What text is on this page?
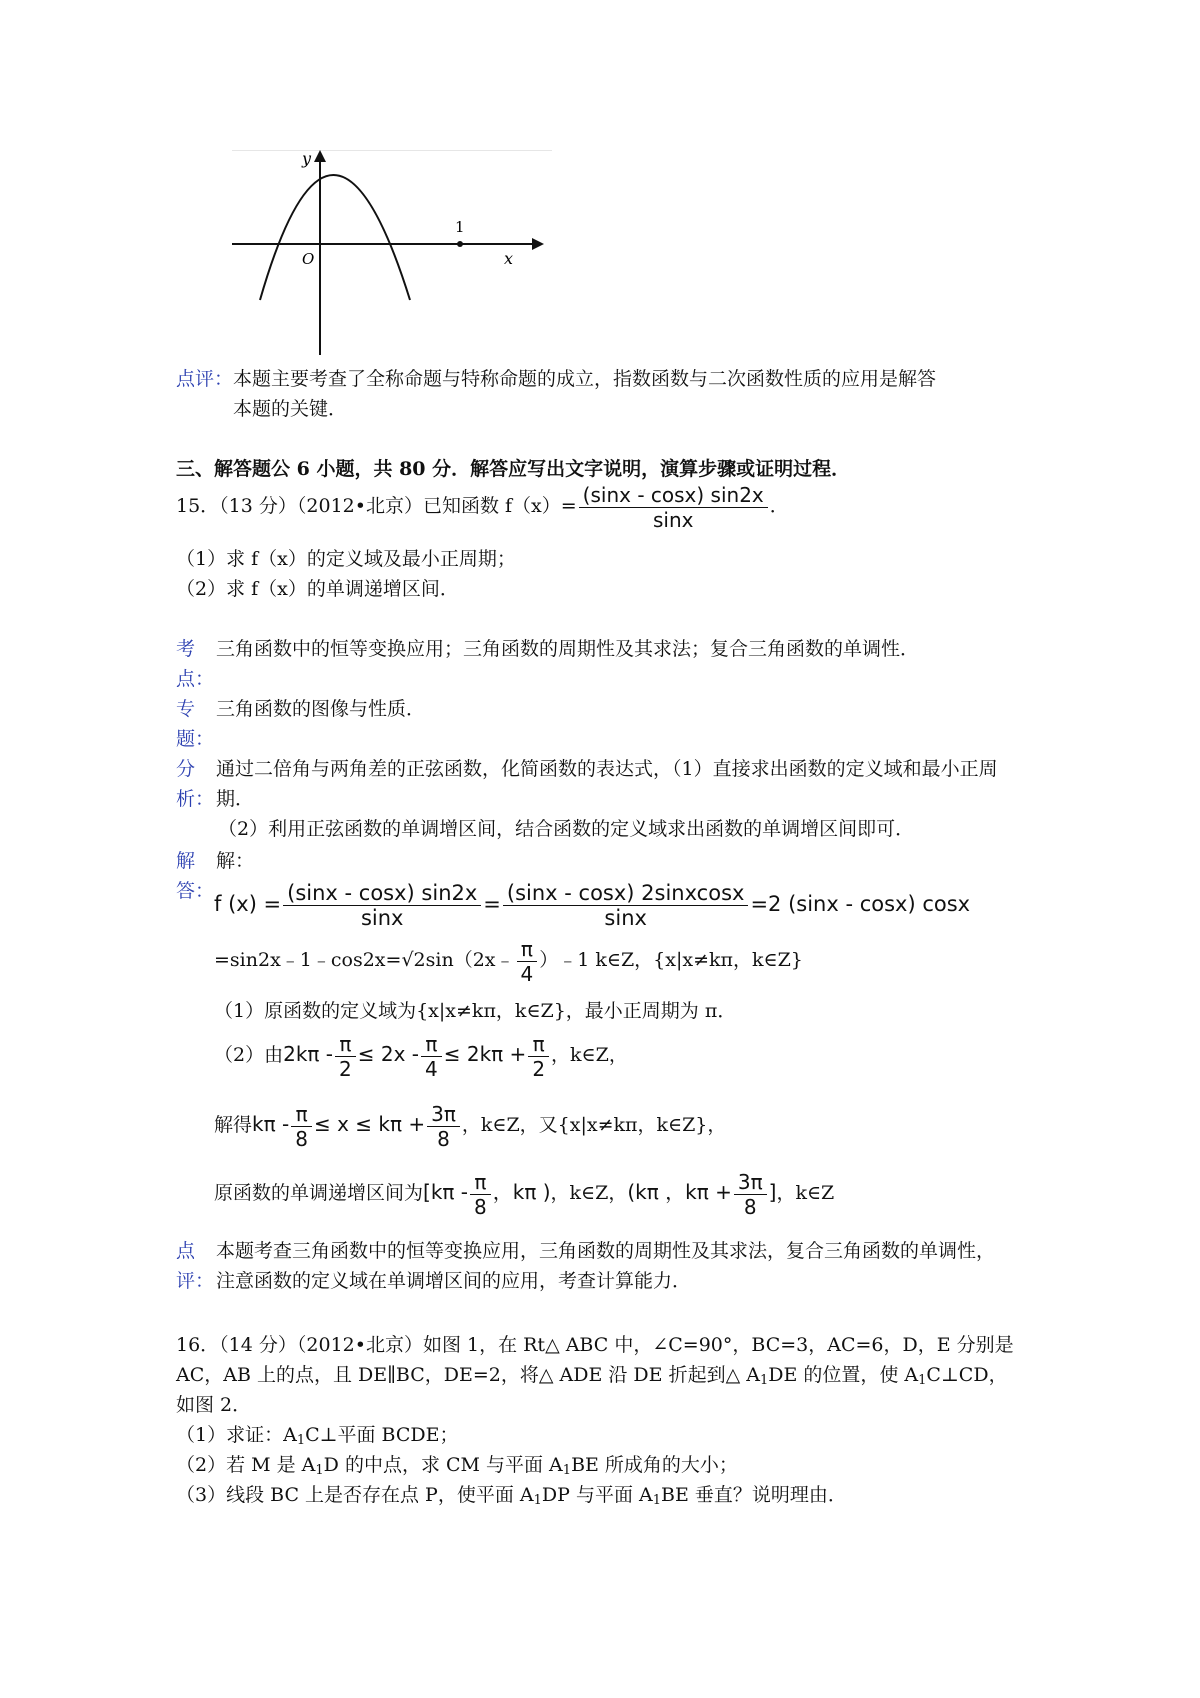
y
x
O
1
点评：本题主要考查了全称命题与特称命题的成立，指数函数与二次函数性质的应用是解答
本题的关键．
三、解答题公 6 小题，共 80 分．解答应写出文字说明，演算步骤或证明过程．
15．（13 分）（2012•北京）已知函数 $f(x)= \frac{(\sin x - \cos x) \sin 2x}{\sin x}$ ．
（1）求 f（x）的定义域及最小正周期；
（2）求 f（x）的单调递增区间．
考
点：
三角函数中的恒等变换应用；三角函数的周期性及其求法；复合三角函数的单调性．
专
题：
三角函数的图像与性质．
分
析：
通过二倍角与两角差的正弦函数，化简函数的表达式，（1）直接求出函数的定义域和最小正周
期．
（2）利用正弦函数的单调增区间，结合函数的定义域求出函数的单调增区间即可．
解
答：
解：
f $(x) = \frac{(\sin x - \cos x) \sin 2x}{\sin x} = \frac{\text{(sinx - cosx) 2sinxcosx}}{\sin x} =2$ (sinx - cosx) cosx
=sin2x﹣1﹣cos2x=√2sin（2x﹣ $\frac{\pi}{4}$ ）﹣1 k∈Z，{x|x≠kπ，k∈Z}
（1）原函数的定义域为{x|x≠kπ，k∈Z}，最小正周期为 π．
（2）由$2k\pi - \frac{\pi}{2} \le 2x - \frac{\pi}{4} \le 2k\pi + \frac{\pi}{2}$ ，k∈Z，
解得$k\pi - \frac{\pi}{8} \le x \le k\pi + \frac{3\pi}{8}$ ，k∈Z，又{x|x≠kπ，k∈Z}，
原函数的单调递增区间为[$k\pi - \frac{\pi}{8}$ ，kπ )，k∈Z，(kπ ，$k\pi + \frac{3\pi}{8}$ ]，k∈Z
点
评：
本题考查三角函数中的恒等变换应用，三角函数的周期性及其求法，复合三角函数的单调性，
注意函数的定义域在单调增区间的应用，考查计算能力．
16．（14 分）（2012•北京）如图 1，在 Rt△ ABC 中，∠C=90°，BC=3，AC=6，D，E 分别是
AC，AB 上的点，且 DE∥BC，DE=2，将△ ADE 沿 DE 折起到△ $A_1DE$ 的位置，使 $A_1C\perp CD$，
如图 2．
（1）求证：$A_1C\perp$平面 BCDE；
（2）若 M 是 $A_1D$ 的中点，求 CM 与平面 $A_1BE$ 所成角的大小；
（3）线段 BC 上是否存在点 P，使平面 $A_1DP$ 与平面 $A_1BE$ 垂直？说明理由．
